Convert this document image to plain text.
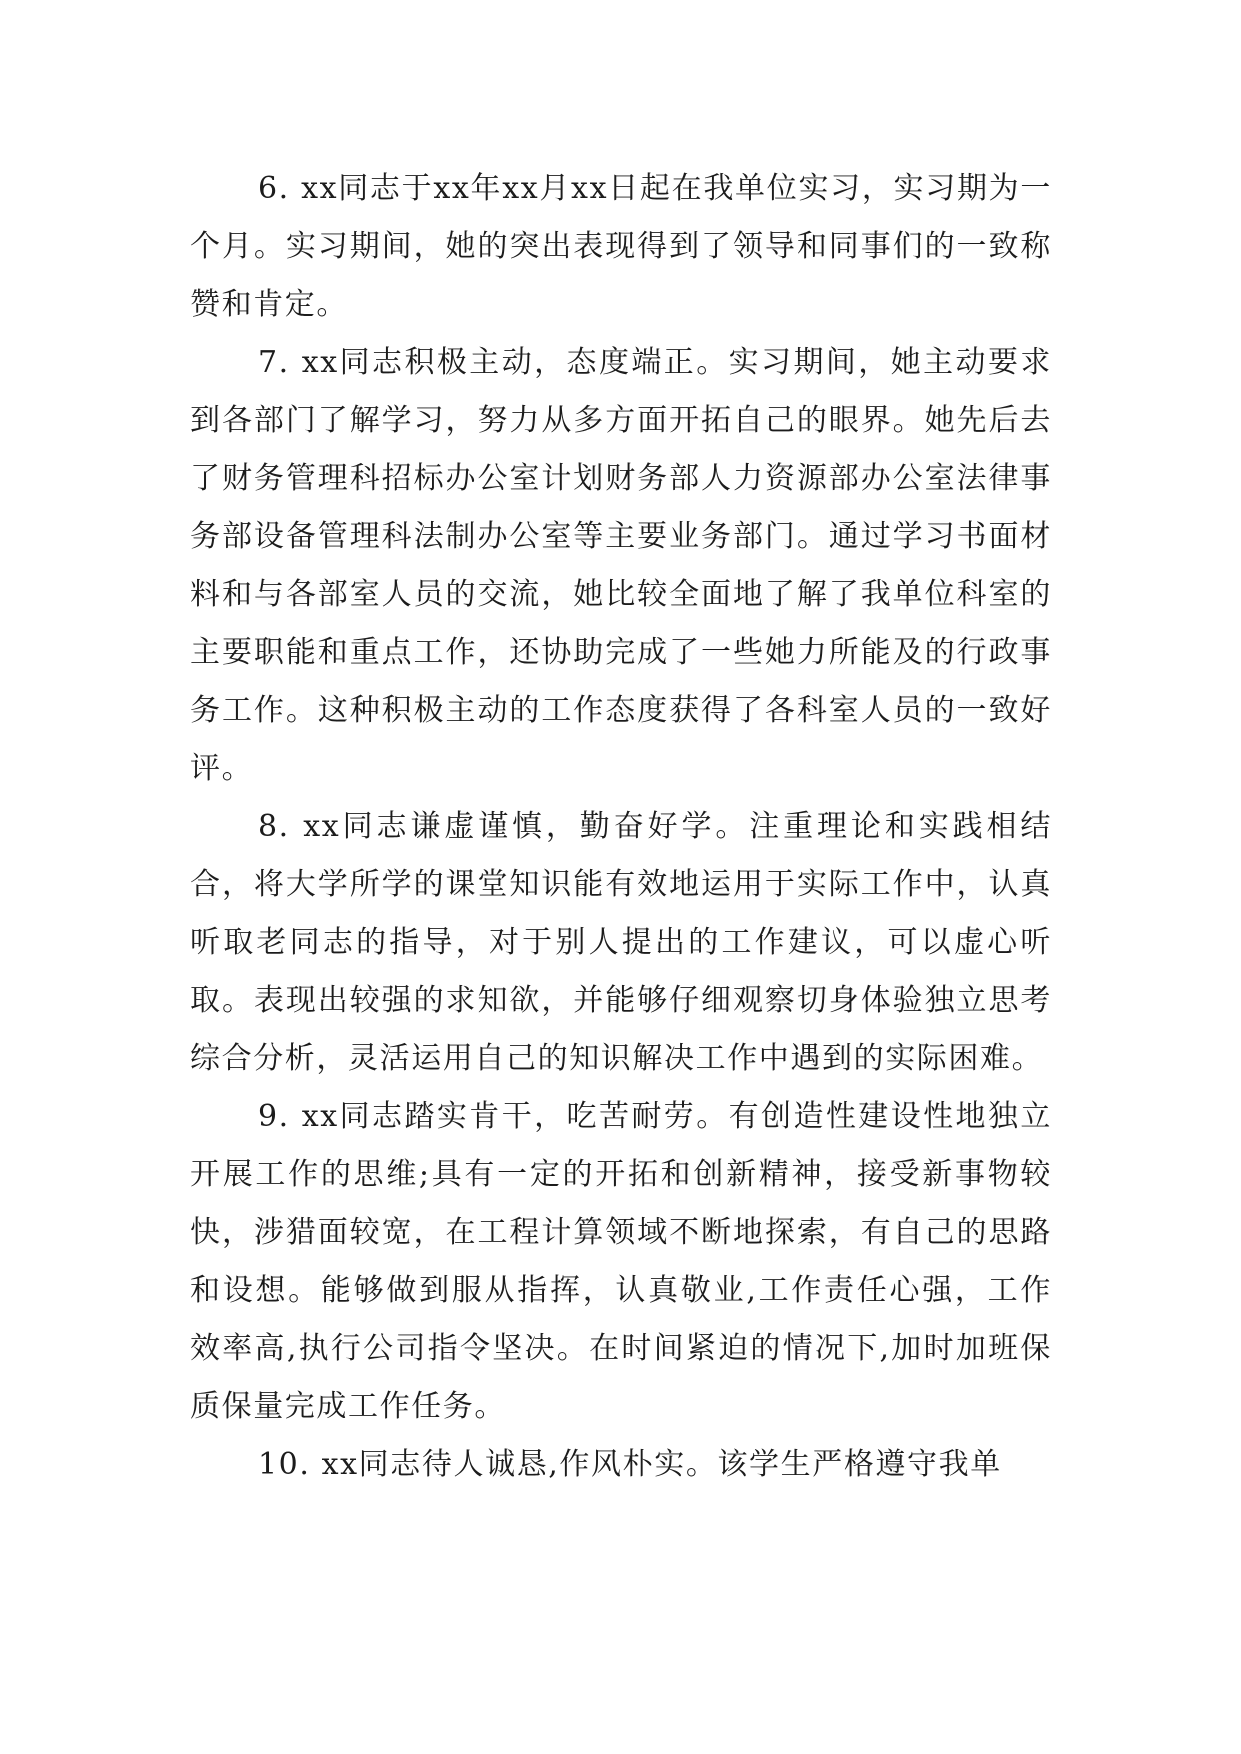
6. xx同志于xx年xx月xx日起在我单位实习，实习期为一个月。实习期间，她的突出表现得到了领导和同事们的一致称赞和肯定。

7. xx同志积极主动，态度端正。实习期间，她主动要求到各部门了解学习，努力从多方面开拓自己的眼界。她先后去了财务管理科招标办公室计划财务部人力资源部办公室法律事务部设备管理科法制办公室等主要业务部门。通过学习书面材料和与各部室人员的交流，她比较全面地了解了我单位科室的主要职能和重点工作，还协助完成了一些她力所能及的行政事务工作。这种积极主动的工作态度获得了各科室人员的一致好评。

8. xx同志谦虚谨慎，勤奋好学。注重理论和实践相结合，将大学所学的课堂知识能有效地运用于实际工作中，认真听取老同志的指导，对于别人提出的工作建议，可以虚心听取。表现出较强的求知欲，并能够仔细观察切身体验独立思考综合分析，灵活运用自己的知识解决工作中遇到的实际困难。

9. xx同志踏实肯干，吃苦耐劳。有创造性建设性地独立开展工作的思维;具有一定的开拓和创新精神，接受新事物较快，涉猎面较宽，在工程计算领域不断地探索，有自己的思路和设想。能够做到服从指挥，认真敬业,工作责任心强，工作效率高,执行公司指令坚决。在时间紧迫的情况下,加时加班保质保量完成工作任务。

10. xx同志待人诚恳,作风朴实。该学生严格遵守我单
